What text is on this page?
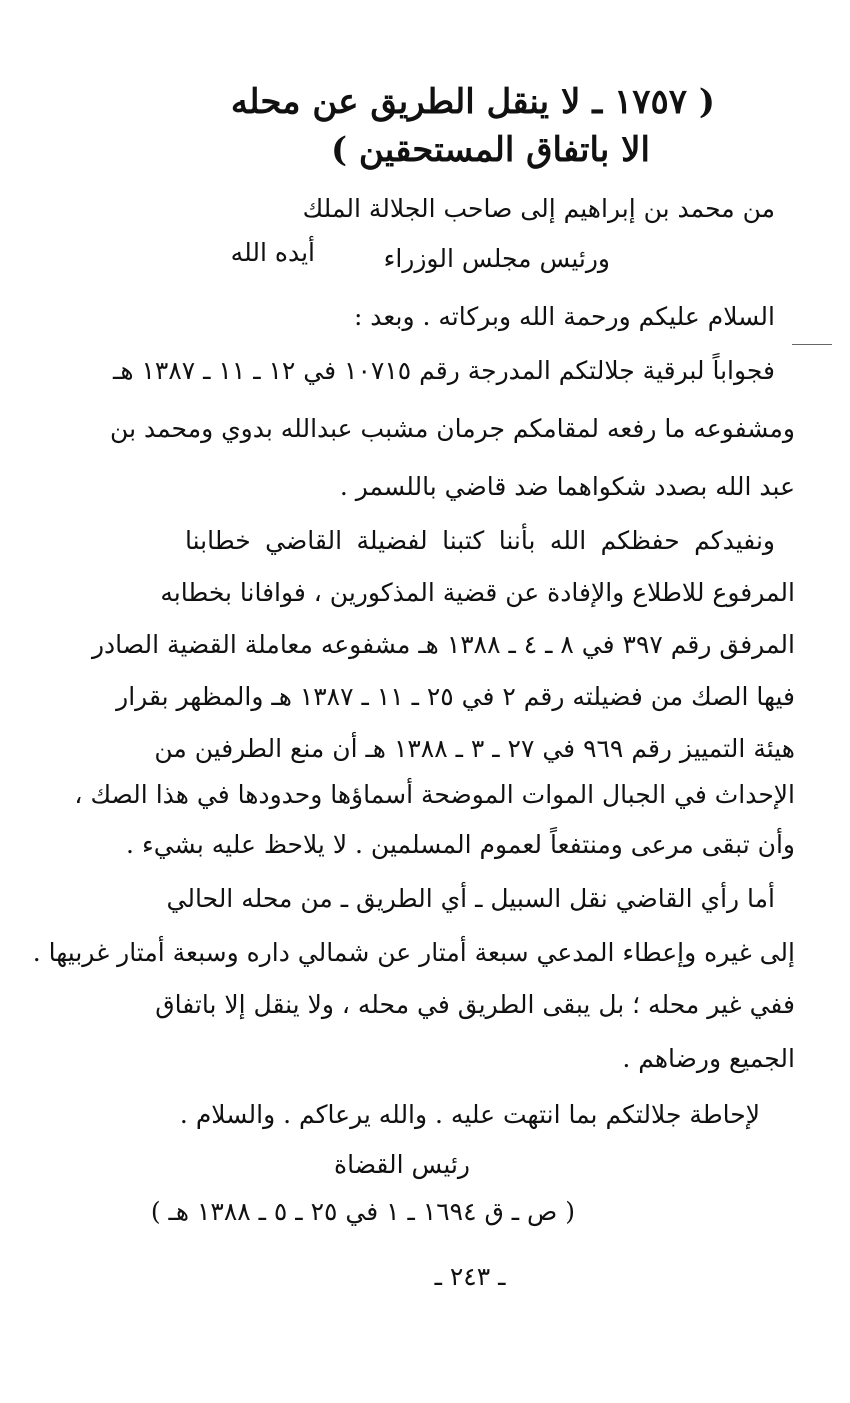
( ١٧٥٧ ـ لا ينقل الطريق عن محله
الا باتفاق المستحقين )
من محمد بن إبراهيم إلى صاحب الجلالة الملك
ورئيس مجلس الوزراء
أيده الله
السلام عليكم ورحمة الله وبركاته . وبعد :
فجواباً لبرقية جلالتكم المدرجة رقم ١٠٧١٥ في ١٢ ـ ١١ ـ ١٣٨٧ هـ
ومشفوعه ما رفعه لمقامكم جرمان مشبب عبدالله بدوي ومحمد بن
عبد الله بصدد شكواهما ضد قاضي باللسمر .
ونفيدكم حفظكم الله بأننا كتبنا لفضيلة القاضي خطابنا
المرفوع للاطلاع والإفادة عن قضية المذكورين ، فوافانا بخطابه
المرفق رقم ٣٩٧ في ٨ ـ ٤ ـ ١٣٨٨ هـ مشفوعه معاملة القضية الصادر
فيها الصك من فضيلته رقم ٢ في ٢٥ ـ ١١ ـ ١٣٨٧ هـ والمظهر بقرار
هيئة التمييز رقم ٩٦٩ في ٢٧ ـ ٣ ـ ١٣٨٨ هـ أن منع الطرفين من
الإحداث في الجبال الموات الموضحة أسماؤها وحدودها في هذا الصك ،
وأن تبقى مرعى ومنتفعاً لعموم المسلمين . لا يلاحظ عليه بشيء .
أما رأي القاضي نقل السبيل ـ أي الطريق ـ من محله الحالي
إلى غيره وإعطاء المدعي سبعة أمتار عن شمالي داره وسبعة أمتار غربيها .
ففي غير محله ؛ بل يبقى الطريق في محله ، ولا ينقل إلا باتفاق
الجميع ورضاهم .
لإحاطة جلالتكم بما انتهت عليه . والله يرعاكم . والسلام .
رئيس القضاة
( ص ـ ق ١٦٩٤ ـ ١ في ٢٥ ـ ٥ ـ ١٣٨٨ هـ )
ـ ٢٤٣ ـ
